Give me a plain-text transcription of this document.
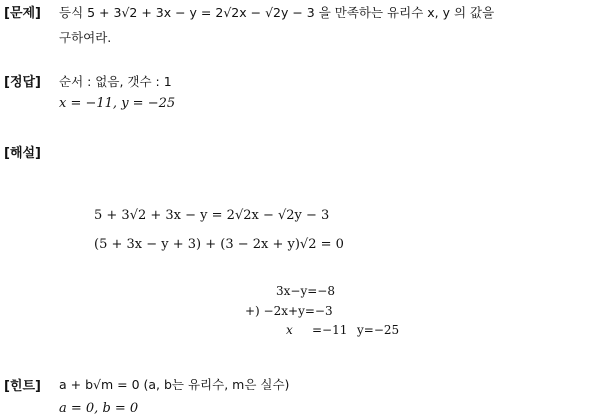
[문제] 등식 5 + 3√2 + 3x − y = 2√2x − √2y − 3 을 만족하는 유리수 x, y 의 값을
구하여라.
[정답] 순서 : 없음, 갯수 : 1
x = −11, y = −25
[해설]
5 + 3√2 + 3x − y = 2√2x − √2y − 3
(5 + 3x − y + 3) + (3 − 2x + y)√2 = 0
3x−y=−8
+) −2x+y=−3
x =−11 y=−25
[힌트] a + b√m = 0 (a, b는 유리수, m은 실수)
a = 0, b = 0
